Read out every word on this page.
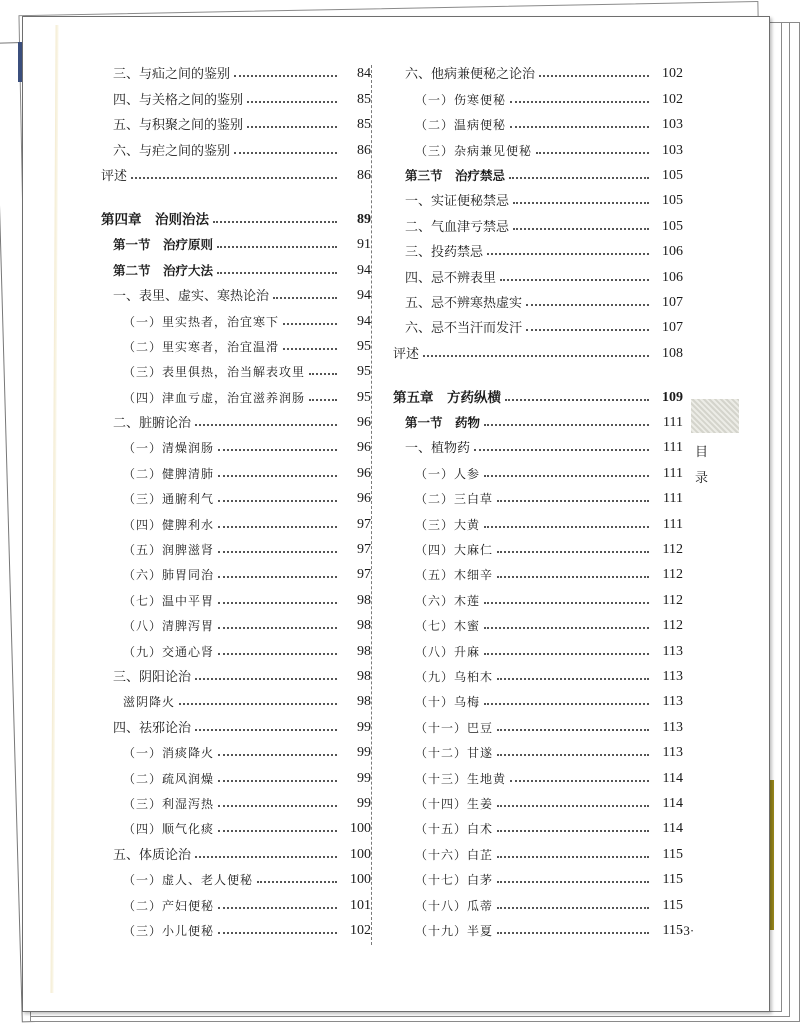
三、与疝之间的鉴别	84
四、与关格之间的鉴别	85
五、与积聚之间的鉴别	85
六、与疟之间的鉴别	86
评述	86
第四章　治则治法	89
第一节　治疗原则	91
第二节　治疗大法	94
一、表里、虚实、寒热论治	94
（一）里实热者，治宜寒下	94
（二）里实寒者，治宜温滑	95
（三）表里俱热，治当解表攻里	95
（四）津血亏虚，治宜滋养润肠	95
二、脏腑论治	96
（一）清燥润肠	96
（二）健脾清肺	96
（三）通腑利气	96
（四）健脾利水	97
（五）润脾滋肾	97
（六）肺胃同治	97
（七）温中平胃	98
（八）清脾泻胃	98
（九）交通心肾	98
三、阴阳论治	98
滋阴降火	98
四、祛邪论治	99
（一）消痰降火	99
（二）疏风润燥	99
（三）利湿泻热	99
（四）顺气化痰	100
五、体质论治	100
（一）虚人、老人便秘	100
（二）产妇便秘	101
（三）小儿便秘	102
六、他病兼便秘之论治	102
（一）伤寒便秘	102
（二）温病便秘	103
（三）杂病兼见便秘	103
第三节　治疗禁忌	105
一、实证便秘禁忌	105
二、气血津亏禁忌	105
三、投药禁忌	106
四、忌不辨表里	106
五、忌不辨寒热虚实	107
六、忌不当汗而发汗	107
评述	108
第五章　方药纵横	109
第一节　药物	111
一、植物药	111
（一）人参	111
（二）三白草	111
（三）大黄	111
（四）大麻仁	112
（五）木细辛	112
（六）木莲	112
（七）木蜜	112
（八）升麻	113
（九）乌桕木	113
（十）乌梅	113
（十一）巴豆	113
（十二）甘遂	113
（十三）生地黄	114
（十四）生姜	114
（十五）白术	114
（十六）白芷	115
（十七）白茅	115
（十八）瓜蒂	115
（十九）半夏	115
目
录
·3·
